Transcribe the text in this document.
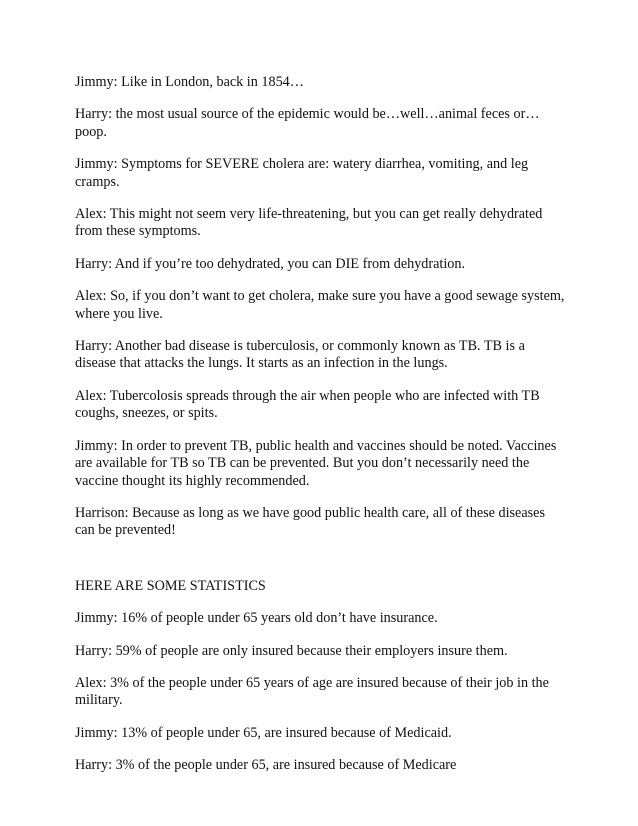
Jimmy: Like in London, back in 1854…

Harry: the most usual source of the epidemic would be…well…animal feces or…poop.

Jimmy: Symptoms for SEVERE cholera are: watery diarrhea, vomiting, and leg cramps.

Alex: This might not seem very life-threatening, but you can get really dehydrated from these symptoms.

Harry: And if you’re too dehydrated, you can DIE from dehydration.

Alex: So, if you don’t want to get cholera, make sure you have a good sewage system, where you live.

Harry: Another bad disease is tuberculosis, or commonly known as TB. TB is a disease that attacks the lungs. It starts as an infection in the lungs.

Alex: Tubercolosis spreads through the air when people who are infected with TB coughs, sneezes, or spits.

Jimmy: In order to prevent TB, public health and vaccines should be noted. Vaccines are available for TB so TB can be prevented. But you don’t necessarily need the vaccine thought its highly recommended.

Harrison: Because as long as we have good public health care, all of these diseases can be prevented!

HERE ARE SOME STATISTICS

Jimmy: 16% of people under 65 years old don’t have insurance.

Harry: 59% of people are only insured because their employers insure them.

Alex: 3% of the people under 65 years of age are insured because of their job in the military.

Jimmy: 13% of people under 65, are insured because of Medicaid.

Harry: 3% of the people under 65, are insured because of Medicare
